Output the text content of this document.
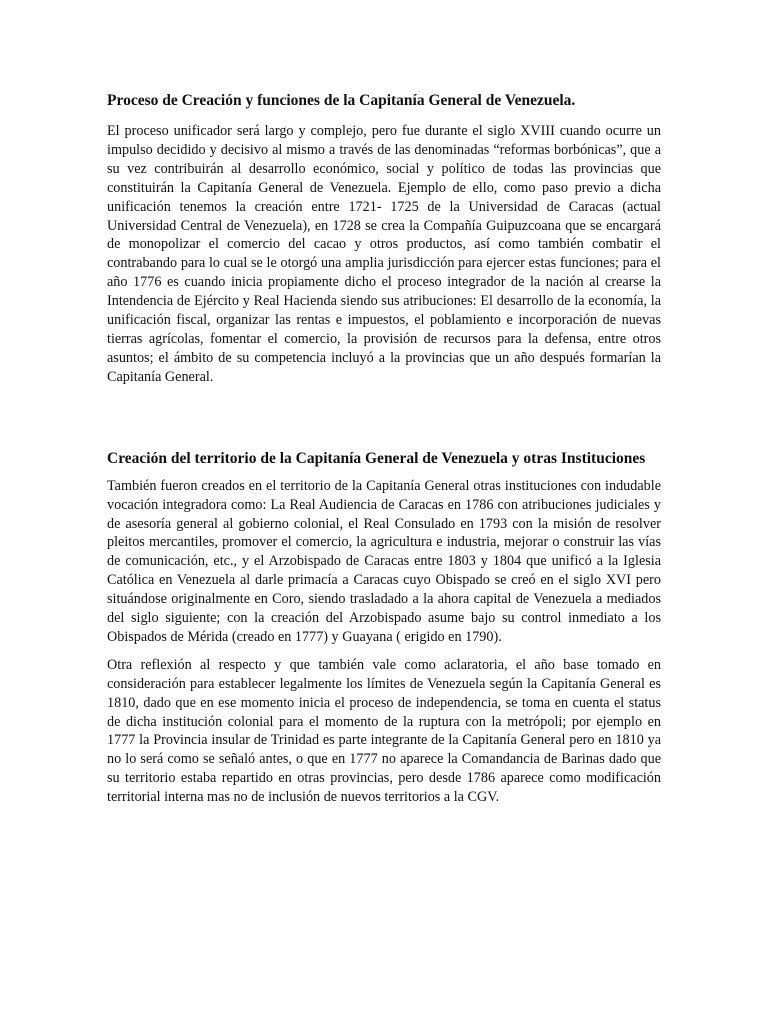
Proceso de Creación y funciones de la Capitanía General de Venezuela.

El proceso unificador será largo y complejo, pero fue durante el siglo XVIII cuando ocurre un impulso decidido y decisivo al mismo a través de las denominadas “reformas borbónicas”, que a su vez contribuirán al desarrollo económico, social y político de todas las provincias que constituirán la Capitanía General de Venezuela. Ejemplo de ello, como paso previo a dicha unificación tenemos la creación entre 1721- 1725 de la Universidad de Caracas (actual Universidad Central de Venezuela), en 1728 se crea la Compañía Guipuzcoana que se encargará de monopolizar el comercio del cacao y otros productos, así como también combatir el contrabando para lo cual se le otorgó una amplia jurisdicción para ejercer estas funciones; para el año 1776 es cuando inicia propiamente dicho el proceso integrador de la nación al crearse la Intendencia de Ejército y Real Hacienda siendo sus atribuciones: El desarrollo de la economía, la unificación fiscal, organizar las rentas e impuestos, el poblamiento e incorporación de nuevas tierras agrícolas, fomentar el comercio, la provisión de recursos para la defensa, entre otros asuntos; el ámbito de su competencia incluyó a la provincias que un año después formarían la Capitanía General.

Creación del territorio de la Capitanía General de Venezuela y otras Instituciones

También fueron creados en el territorio de la Capitanía General otras instituciones con indudable vocación integradora como: La Real Audiencia de Caracas en 1786 con atribuciones judiciales y de asesoría general al gobierno colonial, el Real Consulado en 1793 con la misión de resolver pleitos mercantiles, promover el comercio, la agricultura e industria, mejorar o construir las vías de comunicación, etc., y el Arzobispado de Caracas entre 1803 y 1804 que unificó a la Iglesia Católica en Venezuela al darle primacía a Caracas cuyo Obispado se creó en el siglo XVI pero situándose originalmente en Coro, siendo trasladado a la ahora capital de Venezuela a mediados del siglo siguiente; con la creación del Arzobispado asume bajo su control inmediato a los Obispados de Mérida (creado en 1777) y Guayana ( erigido en 1790).

Otra reflexión al respecto y que también vale como aclaratoria, el año base tomado en consideración para establecer legalmente los límites de Venezuela según la Capitanía General es 1810, dado que en ese momento inicia el proceso de independencia, se toma en cuenta el status de dicha institución colonial para el momento de la ruptura con la metrópoli; por ejemplo en 1777 la Provincia insular de Trinidad es parte integrante de la Capitanía General pero en 1810 ya no lo será como se señaló antes, o que en 1777 no aparece la Comandancia de Barinas dado que su territorio estaba repartido en otras provincias, pero desde 1786 aparece como modificación territorial interna mas no de inclusión de nuevos territorios a la CGV.
